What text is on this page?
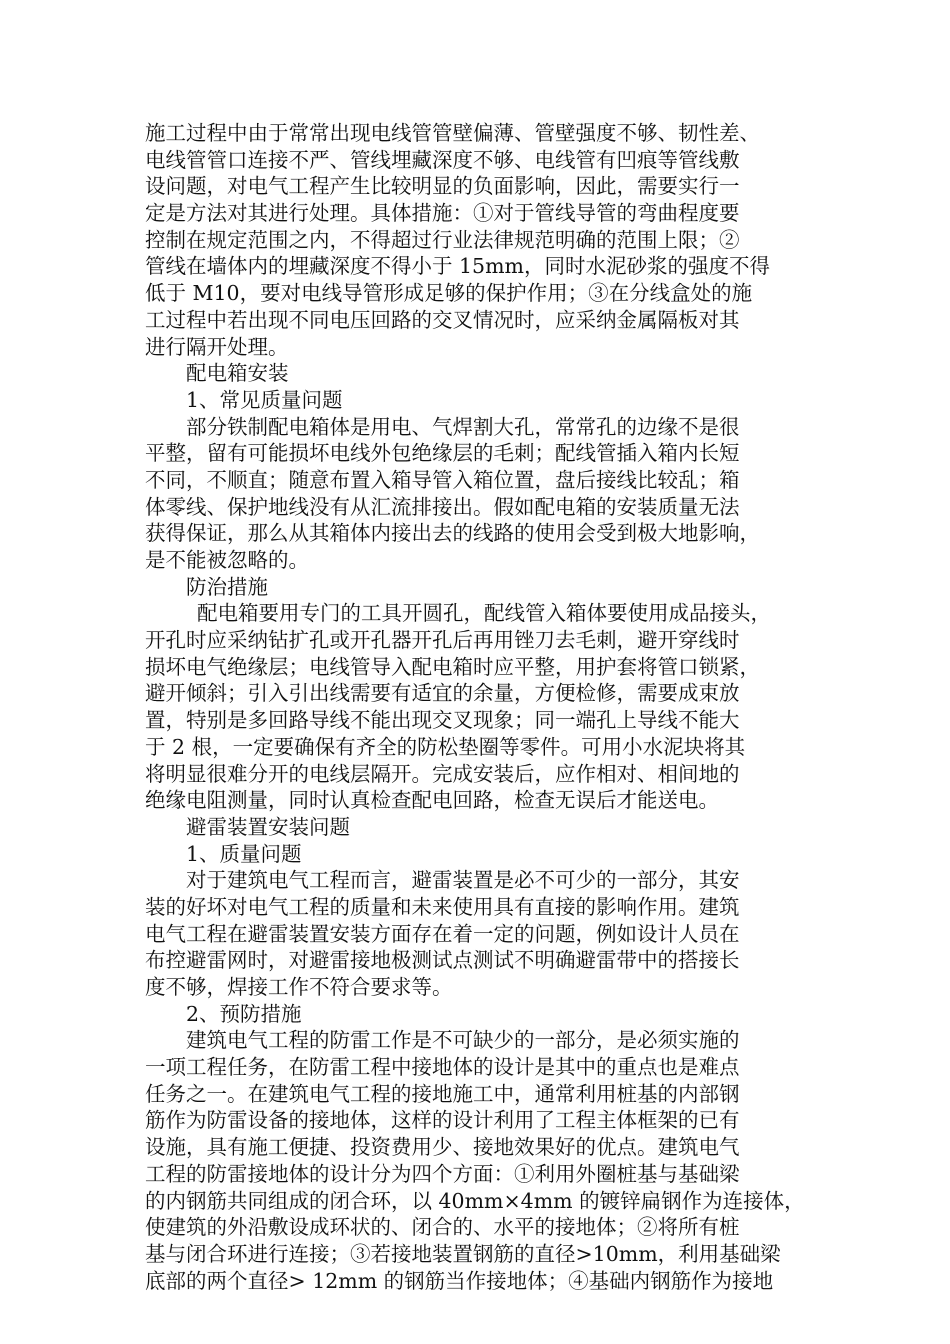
施工过程中由于常常出现电线管管壁偏薄、管壁强度不够、韧性差、
电线管管口连接不严、管线埋藏深度不够、电线管有凹痕等管线敷
设问题，对电气工程产生比较明显的负面影响，因此，需要实行一
定是方法对其进行处理。具体措施：①对于管线导管的弯曲程度要
控制在规定范围之内，不得超过行业法律规范明确的范围上限；②
管线在墙体内的埋藏深度不得小于 15mm，同时水泥砂浆的强度不得
低于 M10，要对电线导管形成足够的保护作用；③在分线盒处的施
工过程中若出现不同电压回路的交叉情况时，应采纳金属隔板对其
进行隔开处理。
配电箱安装
1、常见质量问题
部分铁制配电箱体是用电、气焊割大孔，常常孔的边缘不是很
平整，留有可能损坏电线外包绝缘层的毛刺；配线管插入箱内长短
不同，不顺直；随意布置入箱导管入箱位置，盘后接线比较乱；箱
体零线、保护地线没有从汇流排接出。假如配电箱的安装质量无法
获得保证，那么从其箱体内接出去的线路的使用会受到极大地影响，
是不能被忽略的。
防治措施
配电箱要用专门的工具开圆孔，配线管入箱体要使用成品接头，
开孔时应采纳钻扩孔或开孔器开孔后再用锉刀去毛刺，避开穿线时
损坏电气绝缘层；电线管导入配电箱时应平整，用护套将管口锁紧，
避开倾斜；引入引出线需要有适宜的余量，方便检修，需要成束放
置，特别是多回路导线不能出现交叉现象；同一端孔上导线不能大
于 2 根，一定要确保有齐全的防松垫圈等零件。可用小水泥块将其
将明显很难分开的电线层隔开。完成安装后，应作相对、相间地的
绝缘电阻测量，同时认真检查配电回路，检查无误后才能送电。
避雷装置安装问题
1、质量问题
对于建筑电气工程而言，避雷装置是必不可少的一部分，其安
装的好坏对电气工程的质量和未来使用具有直接的影响作用。建筑
电气工程在避雷装置安装方面存在着一定的问题，例如设计人员在
布控避雷网时，对避雷接地极测试点测试不明确避雷带中的搭接长
度不够，焊接工作不符合要求等。
2、预防措施
建筑电气工程的防雷工作是不可缺少的一部分，是必须实施的
一项工程任务，在防雷工程中接地体的设计是其中的重点也是难点
任务之一。在建筑电气工程的接地施工中，通常利用桩基的内部钢
筋作为防雷设备的接地体，这样的设计利用了工程主体框架的已有
设施，具有施工便捷、投资费用少、接地效果好的优点。建筑电气
工程的防雷接地体的设计分为四个方面：①利用外圈桩基与基础梁
的内钢筋共同组成的闭合环，以 40mm×4mm 的镀锌扁钢作为连接体，
使建筑的外沿敷设成环状的、闭合的、水平的接地体；②将所有桩
基与闭合环进行连接；③若接地装置钢筋的直径>10mm，利用基础梁
底部的两个直径> 12mm 的钢筋当作接地体；④基础内钢筋作为接地
